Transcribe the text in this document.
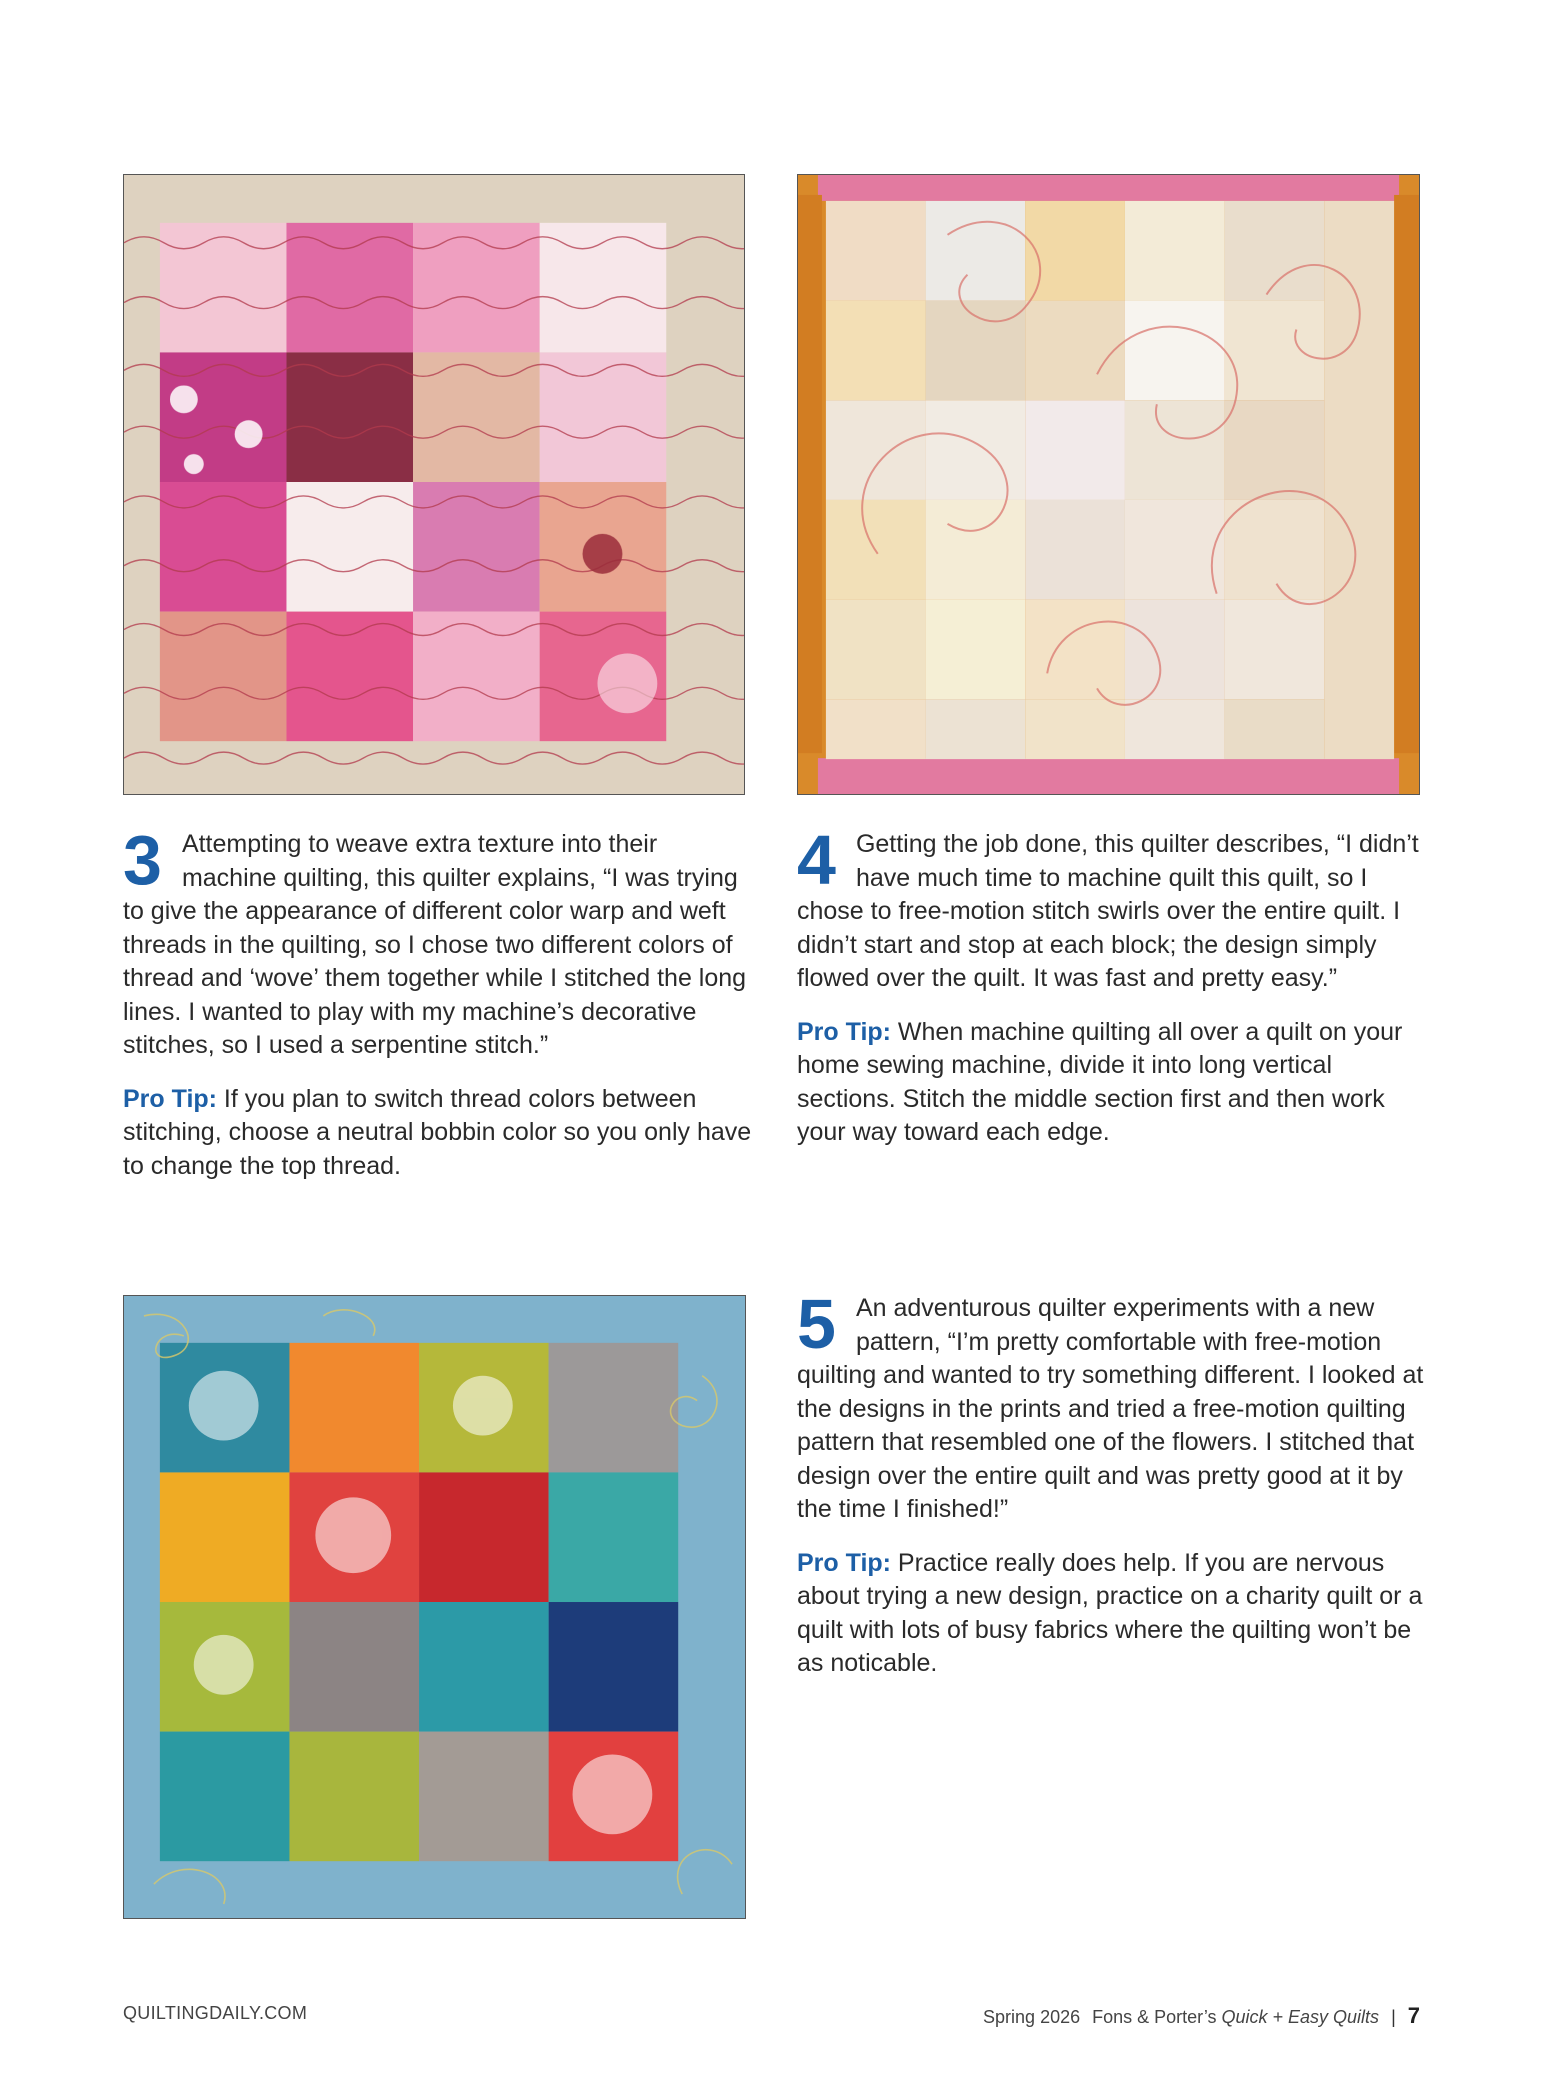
3 Attempting to weave extra texture into their machine quilting, this quilter explains, “I was trying to give the appearance of different color warp and weft threads in the quilting, so I chose two different colors of thread and ‘wove’ them together while I stitched the long lines. I wanted to play with my machine’s decorative stitches, so I used a serpentine stitch.”

Pro Tip: If you plan to switch thread colors between stitching, choose a neutral bobbin color so you only have to change the top thread.

4 Getting the job done, this quilter describes, “I didn’t have much time to machine quilt this quilt, so I chose to free-motion stitch swirls over the entire quilt. I didn’t start and stop at each block; the design simply flowed over the quilt. It was fast and pretty easy.”

Pro Tip: When machine quilting all over a quilt on your home sewing machine, divide it into long vertical sections. Stitch the middle section first and then work your way toward each edge.

5 An adventurous quilter experiments with a new pattern, “I’m pretty comfortable with free-motion quilting and wanted to try something different. I looked at the designs in the prints and tried a free-motion quilting pattern that resembled one of the flowers. I stitched that design over the entire quilt and was pretty good at it by the time I finished!”

Pro Tip: Practice really does help. If you are nervous about trying a new design, practice on a charity quilt or a quilt with lots of busy fabrics where the quilting won’t be as noticable.

QUILTINGDAILY.COM	Spring 2026 Fons & Porter’s Quick + Easy Quilts | 7
